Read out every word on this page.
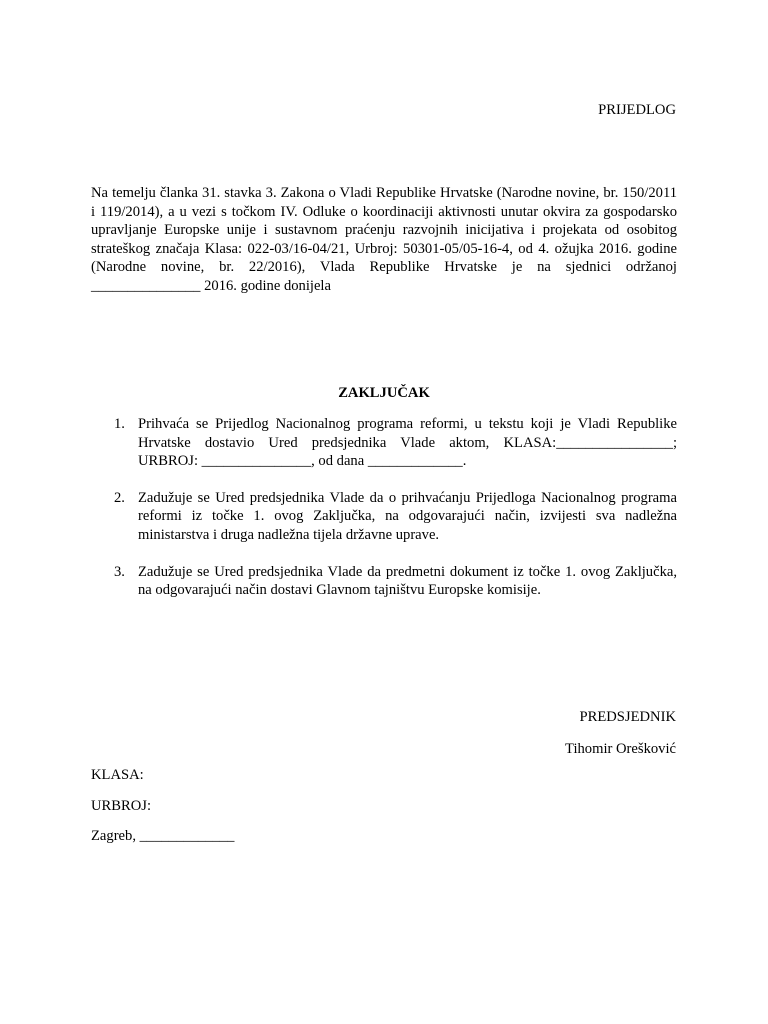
PRIJEDLOG
Na temelju članka 31. stavka 3. Zakona o Vladi Republike Hrvatske (Narodne novine, br. 150/2011 i 119/2014), a u vezi s točkom IV. Odluke o koordinaciji aktivnosti unutar okvira za gospodarsko upravljanje Europske unije i sustavnom praćenju razvojnih inicijativa i projekata od osobitog strateškog značaja Klasa: 022-03/16-04/21, Urbroj: 50301-05/05-16-4, od 4. ožujka 2016. godine (Narodne novine, br. 22/2016), Vlada Republike Hrvatske je na sjednici održanoj _______________ 2016. godine donijela
ZAKLJUČAK
1. Prihvaća se Prijedlog Nacionalnog programa reformi, u tekstu koji je Vladi Republike Hrvatske dostavio Ured predsjednika Vlade aktom, KLASA:________________; URBROJ: _______________, od dana _____________.
2. Zadužuje se Ured predsjednika Vlade da o prihvaćanju Prijedloga Nacionalnog programa reformi iz točke 1. ovog Zaključka, na odgovarajući način, izvijesti sva nadležna ministarstva i druga nadležna tijela državne uprave.
3. Zadužuje se Ured predsjednika Vlade da predmetni dokument iz točke 1. ovog Zaključka, na odgovarajući način dostavi Glavnom tajništvu Europske komisije.
PREDSJEDNIK
Tihomir Orešković
KLASA:
URBROJ:
Zagreb, _____________
